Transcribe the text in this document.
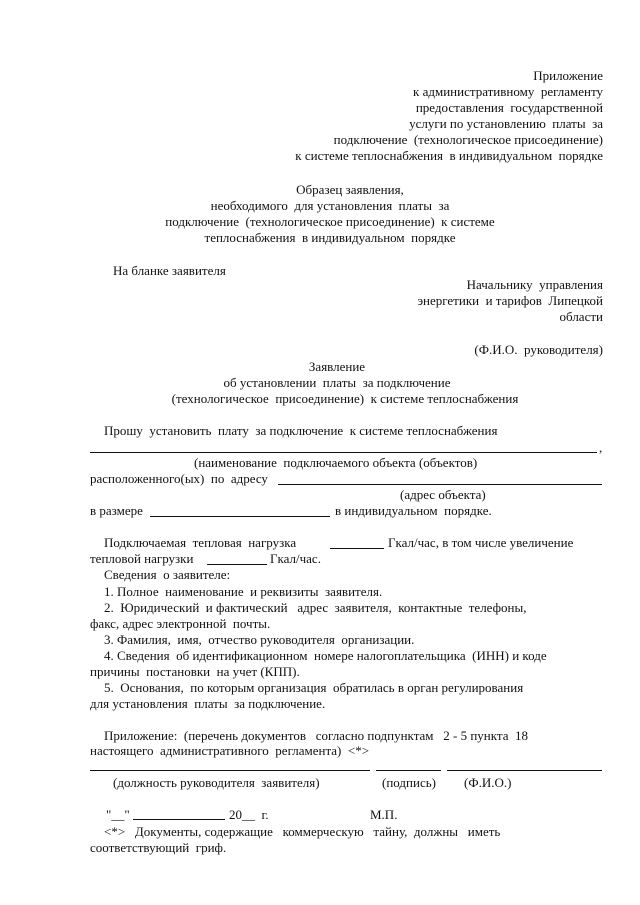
Приложение
к административному  регламенту
предоставления  государственной
услуги по установлению  платы  за
подключение  (технологическое присоединение)
к системе теплоснабжения  в индивидуальном  порядке
Образец заявления,
необходимого  для установления  платы  за
подключение  (технологическое присоединение)  к системе
теплоснабжения  в индивидуальном  порядке
На бланке заявителя
Начальнику  управления
энергетики  и тарифов  Липецкой
области
(Ф.И.О.  руководителя)
Заявление
об установлении  платы  за подключение
(технологическое  присоединение)  к системе теплоснабжения
Прошу  установить  плату  за подключение  к системе теплоснабжения
,
(наименование  подключаемого объекта (объектов)
расположенного(ых)  по  адресу
(адрес объекта)
в размере	в индивидуальном  порядке.
Подключаемая  тепловая  нагрузка	Гкал/час, в том числе увеличение
тепловой нагрузки	Гкал/час.
Сведения  о заявителе:
1. Полное  наименование  и реквизиты  заявителя.
2.  Юридический  и фактический   адрес  заявителя,  контактные  телефоны,
факс, адрес электронной  почты.
3. Фамилия,  имя,  отчество руководителя  организации.
4. Сведения  об идентификационном  номере налогоплательщика  (ИНН) и коде
причины  постановки  на учет (КПП).
5.  Основания,  по которым организация  обратилась в орган регулирования
для установления  платы  за подключение.
Приложение:  (перечень документов   согласно подпунктам   2 - 5 пункта  18
настоящего  административного  регламента)  <*>
(должность руководителя  заявителя)	(подпись) (Ф.И.О.)
"__"	20__  г.	М.П.
<*>   Документы, содержащие   коммерческую   тайну,  должны   иметь
соответствующий  гриф.
